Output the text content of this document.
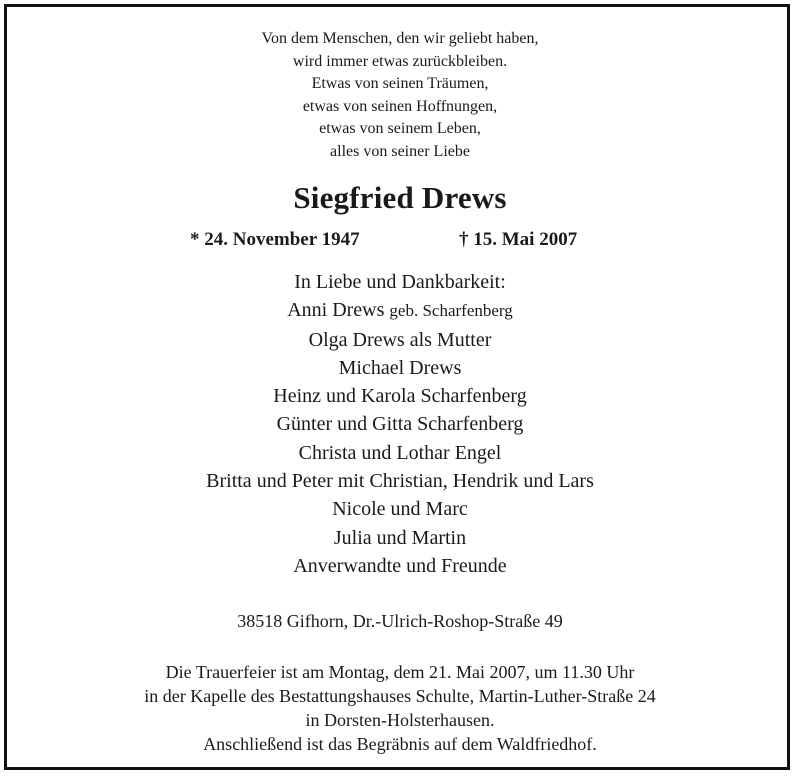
Von dem Menschen, den wir geliebt haben,
wird immer etwas zurückbleiben.
Etwas von seinen Träumen,
etwas von seinen Hoffnungen,
etwas von seinem Leben,
alles von seiner Liebe
Siegfried Drews
* 24. November 1947	† 15. Mai 2007
In Liebe und Dankbarkeit:
Anni Drews geb. Scharfenberg
Olga Drews als Mutter
Michael Drews
Heinz und Karola Scharfenberg
Günter und Gitta Scharfenberg
Christa und Lothar Engel
Britta und Peter mit Christian, Hendrik und Lars
Nicole und Marc
Julia und Martin
Anverwandte und Freunde
38518 Gifhorn, Dr.-Ulrich-Roshop-Straße 49
Die Trauerfeier ist am Montag, dem 21. Mai 2007, um 11.30 Uhr
in der Kapelle des Bestattungshauses Schulte, Martin-Luther-Straße 24
in Dorsten-Holsterhausen.
Anschließend ist das Begräbnis auf dem Waldfriedhof.
